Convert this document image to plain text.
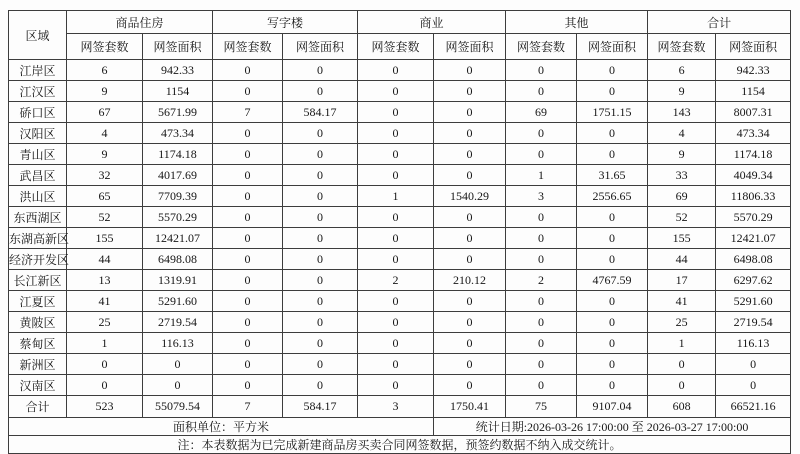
区域	商品住房		写字楼		商业		其他		合计	
	网签套数	网签面积	网签套数	网签面积	网签套数	网签面积	网签套数	网签面积	网签套数	网签面积
江岸区	6	942.33	0	0	0	0	0	0	6	942.33
江汉区	9	1154	0	0	0	0	0	0	9	1154
硚口区	67	5671.99	7	584.17	0	0	69	1751.15	143	8007.31
汉阳区	4	473.34	0	0	0	0	0	0	4	473.34
青山区	9	1174.18	0	0	0	0	0	0	9	1174.18
武昌区	32	4017.69	0	0	0	0	1	31.65	33	4049.34
洪山区	65	7709.39	0	0	1	1540.29	3	2556.65	69	11806.33
东西湖区	52	5570.29	0	0	0	0	0	0	52	5570.29
东湖高新区	155	12421.07	0	0	0	0	0	0	155	12421.07
经济开发区	44	6498.08	0	0	0	0	0	0	44	6498.08
长江新区	13	1319.91	0	0	2	210.12	2	4767.59	17	6297.62
江夏区	41	5291.60	0	0	0	0	0	0	41	5291.60
黄陂区	25	2719.54	0	0	0	0	0	0	25	2719.54
蔡甸区	1	116.13	0	0	0	0	0	0	1	116.13
新洲区	0	0	0	0	0	0	0	0	0	0
汉南区	0	0	0	0	0	0	0	0	0	0
合计	523	55079.54	7	584.17	3	1750.41	75	9107.04	608	66521.16
面积单位：平方米						统计日期:2026-03-26 17:00:00 至 2026-03-27 17:00:00				
注：本表数据为已完成新建商品房买卖合同网签数据，预签约数据不纳入成交统计。										
